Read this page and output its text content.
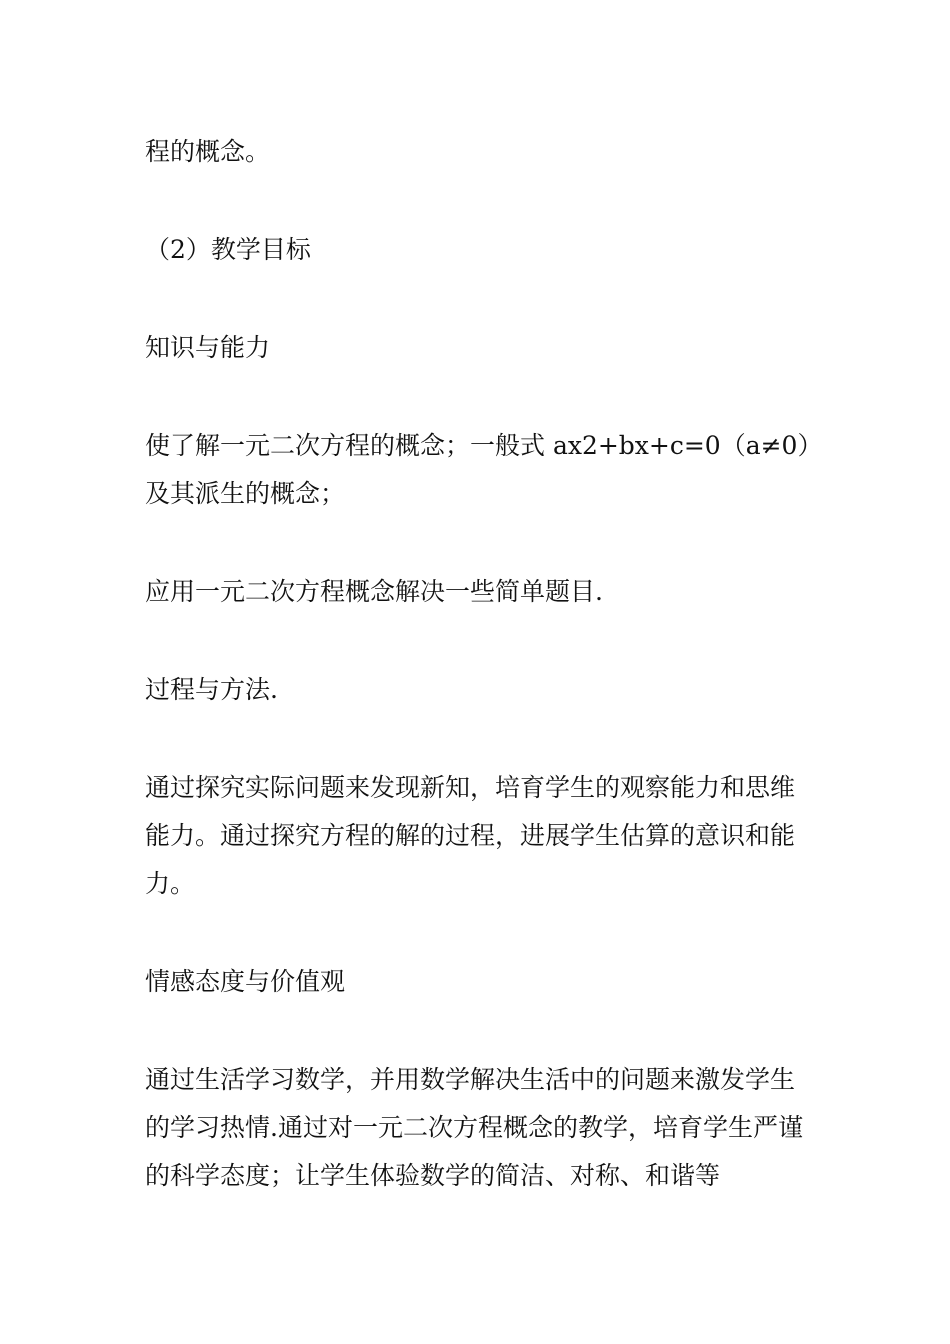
程的概念。

（2）教学目标

知识与能力

使了解一元二次方程的概念；一般式 ax2+bx+c=0（a≠0）及其派生的概念；

应用一元二次方程概念解决一些简单题目.

过程与方法.

通过探究实际问题来发现新知，培育学生的观察能力和思维能力。通过探究方程的解的过程，进展学生估算的意识和能力。

情感态度与价值观

通过生活学习数学，并用数学解决生活中的问题来激发学生的学习热情.通过对一元二次方程概念的教学，培育学生严谨的科学态度；让学生体验数学的简洁、对称、和谐等
